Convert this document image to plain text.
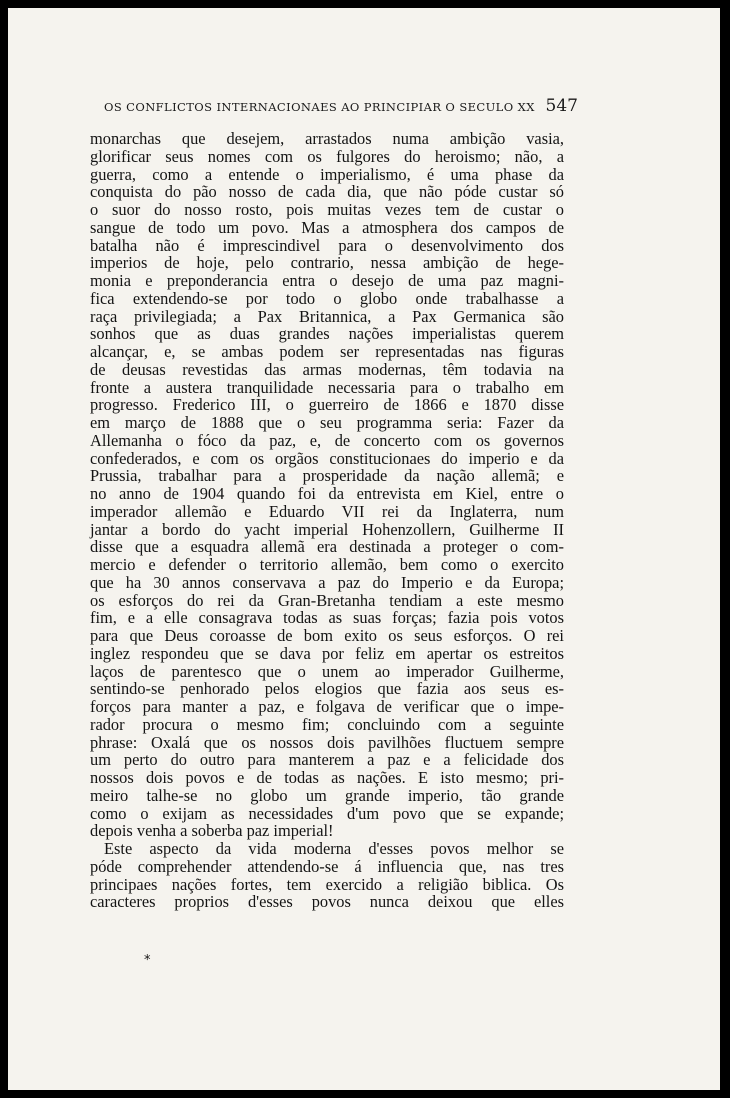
OS CONFLICTOS INTERNACIONAES AO PRINCIPIAR O SECULO XX 547
monarchas que desejem, arrastados numa ambição vasia,
glorificar seus nomes com os fulgores do heroismo; não, a
guerra, como a entende o imperialismo, é uma phase da
conquista do pão nosso de cada dia, que não póde custar só
o suor do nosso rosto, pois muitas vezes tem de custar o
sangue de todo um povo. Mas a atmosphera dos campos de
batalha não é imprescindivel para o desenvolvimento dos
imperios de hoje, pelo contrario, nessa ambição de hege-
monia e preponderancia entra o desejo de uma paz magni-
fica extendendo-se por todo o globo onde trabalhasse a
raça privilegiada; a Pax Britannica, a Pax Germanica são
sonhos que as duas grandes nações imperialistas querem
alcançar, e, se ambas podem ser representadas nas figuras
de deusas revestidas das armas modernas, têm todavia na
fronte a austera tranquilidade necessaria para o trabalho em
progresso. Frederico III, o guerreiro de 1866 e 1870 disse
em março de 1888 que o seu programma seria: Fazer da
Allemanha o fóco da paz, e, de concerto com os governos
confederados, e com os orgãos constitucionaes do imperio e da
Prussia, trabalhar para a prosperidade da nação allemã; e
no anno de 1904 quando foi da entrevista em Kiel, entre o
imperador allemão e Eduardo VII rei da Inglaterra, num
jantar a bordo do yacht imperial Hohenzollern, Guilherme II
disse que a esquadra allemã era destinada a proteger o com-
mercio e defender o territorio allemão, bem como o exercito
que ha 30 annos conservava a paz do Imperio e da Europa;
os esforços do rei da Gran-Bretanha tendiam a este mesmo
fim, e a elle consagrava todas as suas forças; fazia pois votos
para que Deus coroasse de bom exito os seus esforços. O rei
inglez respondeu que se dava por feliz em apertar os estreitos
laços de parentesco que o unem ao imperador Guilherme,
sentindo-se penhorado pelos elogios que fazia aos seus es-
forços para manter a paz, e folgava de verificar que o impe-
rador procura o mesmo fim; concluindo com a seguinte
phrase: Oxalá que os nossos dois pavilhões fluctuem sempre
um perto do outro para manterem a paz e a felicidade dos
nossos dois povos e de todas as nações. E isto mesmo; pri-
meiro talhe-se no globo um grande imperio, tão grande
como o exijam as necessidades d'um povo que se expande;
depois venha a soberba paz imperial!
Este aspecto da vida moderna d'esses povos melhor se
póde comprehender attendendo-se á influencia que, nas tres
principaes nações fortes, tem exercido a religião biblica. Os
caracteres proprios d'esses povos nunca deixou que elles
*
